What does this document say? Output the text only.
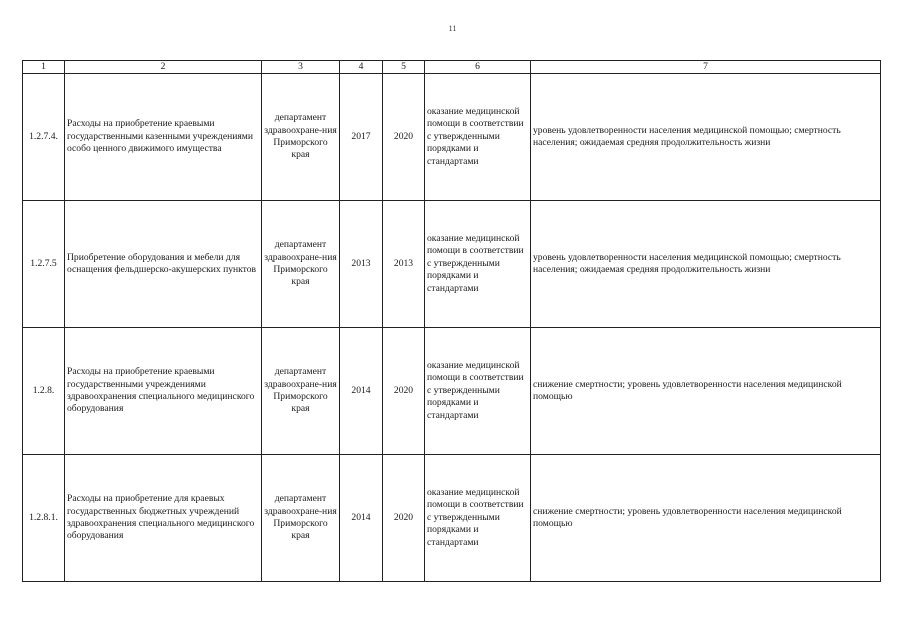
11
1	2	3	4	5	6	7
1.2.7.4.	Расходы на приобретение краевыми государственными казенными учреждениями особо ценного движимого имущества	департамент здравоохране-ния Приморского края	2017	2020	оказание медицинской помощи в соответствии с утвержденными порядками и стандартами	уровень удовлетворенности населения медицинской помощью; смертность населения; ожидаемая средняя продолжительность жизни
1.2.7.5	Приобретение оборудования и мебели для оснащения фельдшерско-акушерских пунктов	департамент здравоохране-ния Приморского края	2013	2013	оказание медицинской помощи в соответствии с утвержденными порядками и стандартами	уровень удовлетворенности населения медицинской помощью; смертность населения; ожидаемая средняя продолжительность жизни
1.2.8.	Расходы на приобретение краевыми государственными учреждениями здравоохранения специального медицинского оборудования	департамент здравоохране-ния Приморского края	2014	2020	оказание медицинской помощи в соответствии с утвержденными порядками и стандартами	снижение смертности; уровень удовлетворенности населения медицинской помощью
1.2.8.1.	Расходы на приобретение для краевых государственных бюджетных учреждений здравоохранения специального медицинского оборудования	департамент здравоохране-ния Приморского края	2014	2020	оказание медицинской помощи в соответствии с утвержденными порядками и стандартами	снижение смертности; уровень удовлетворенности населения медицинской помощью
